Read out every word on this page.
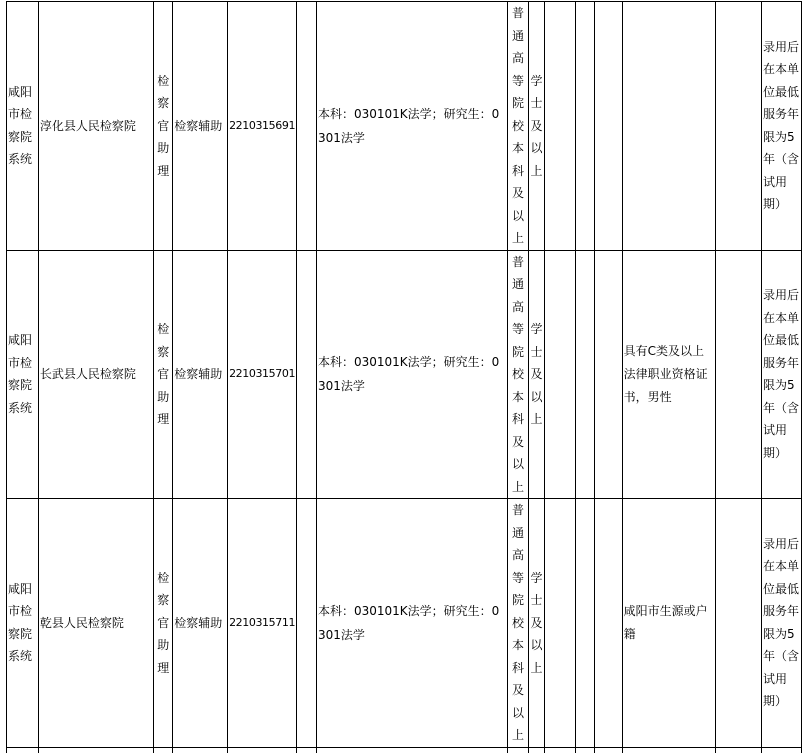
咸阳市检察院系统	淳化县人民检察院	检察官助理	检察辅助	2210315691		本科：030101K法学；研究生：0301法学	普通高等院校本科及以上	学士及以上						录用后在本单位最低服务年限为5年（含试用期）
咸阳市检察院系统	长武县人民检察院	检察官助理	检察辅助	2210315701		本科：030101K法学；研究生：0301法学	普通高等院校本科及以上	学士及以上				具有C类及以上法律职业资格证书，男性		录用后在本单位最低服务年限为5年（含试用期）
咸阳市检察院系统	乾县人民检察院	检察官助理	检察辅助	2210315711		本科：030101K法学；研究生：0301法学	普通高等院校本科及以上	学士及以上				咸阳市生源或户籍		录用后在本单位最低服务年限为5年（含试用期）
